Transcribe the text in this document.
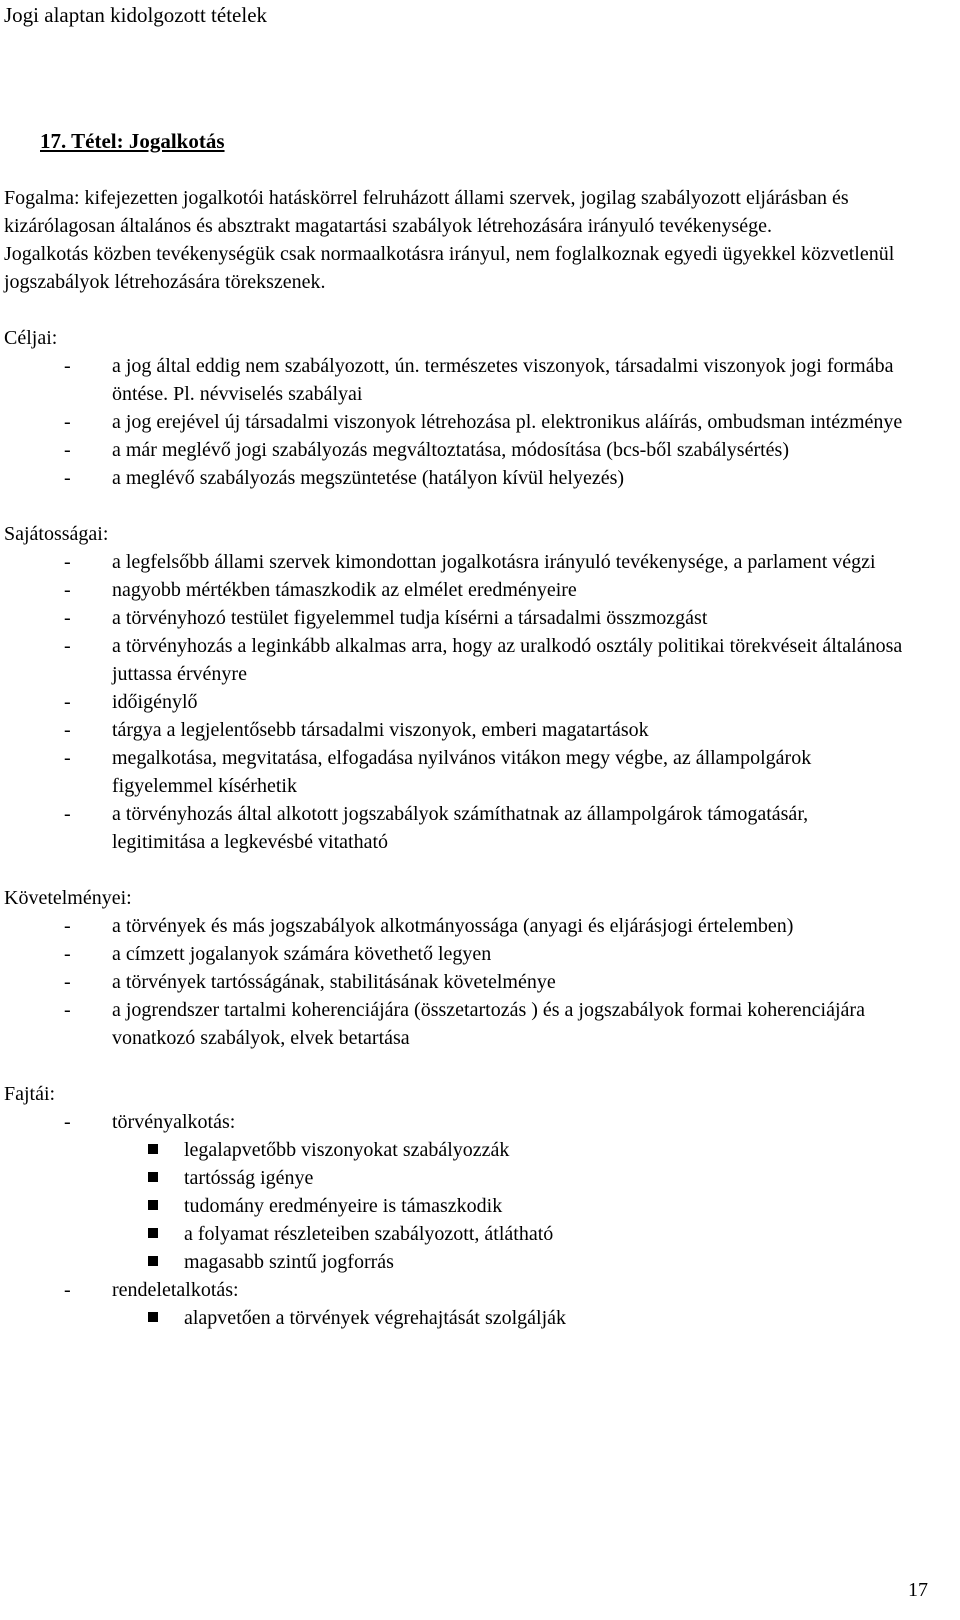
Jogi alaptan kidolgozott tételek
17. Tétel: Jogalkotás

Fogalma: kifejezetten jogalkotói hatáskörrel felruházott állami szervek, jogilag szabályozott eljárásban és kizárólagosan általános és absztrakt magatartási szabályok létrehozására irányuló tevékenysége.

Jogalkotás közben tevékenységük csak normaalkotásra irányul, nem foglalkoznak egyedi ügyekkel közvetlenül jogszabályok létrehozására törekszenek.

Céljai:

- a jog által eddig nem szabályozott, ún. természetes viszonyok, társadalmi viszonyok jogi formába öntése. Pl. névviselés szabályai
- a jog erejével új társadalmi viszonyok létrehozása pl. elektronikus aláírás, ombudsman intézménye
- a már meglévő jogi szabályozás megváltoztatása, módosítása (bcs-ből szabálysértés)
- a meglévő szabályozás megszüntetése (hatályon kívül helyezés)

Sajátosságai:

- a legfelsőbb állami szervek kimondottan jogalkotásra irányuló tevékenysége, a parlament végzi
- nagyobb mértékben támaszkodik az elmélet eredményeire
- a törvényhozó testület figyelemmel tudja kísérni a társadalmi összmozgást
- a törvényhozás a leginkább alkalmas arra, hogy az uralkodó osztály politikai törekvéseit általánosa juttassa érvényre
- időigénylő
- tárgya a legjelentősebb társadalmi viszonyok, emberi magatartások
- megalkotása, megvitatása, elfogadása nyilvános vitákon megy végbe, az állampolgárok figyelemmel kísérhetik
- a törvényhozás által alkotott jogszabályok számíthatnak az állampolgárok támogatásár, legitimitása a legkevésbé vitatható

Követelményei:

- a törvények és más jogszabályok alkotmányossága (anyagi és eljárásjogi értelemben)
- a címzett jogalanyok számára követhető legyen
- a törvények tartósságának, stabilitásának követelménye
- a jogrendszer tartalmi koherenciájára (összetartozás ) és a jogszabályok formai koherenciájára vonatkozó szabályok, elvek betartása

Fajtái:

- törvényalkotás:
legalapvetőbb viszonyokat szabályozzák
tartósság igénye
tudomány eredményeire is támaszkodik
a folyamat részleteiben szabályozott, átlátható
magasabb szintű jogforrás
- rendeletalkotás:
alapvetően a törvények végrehajtását szolgálják
17
